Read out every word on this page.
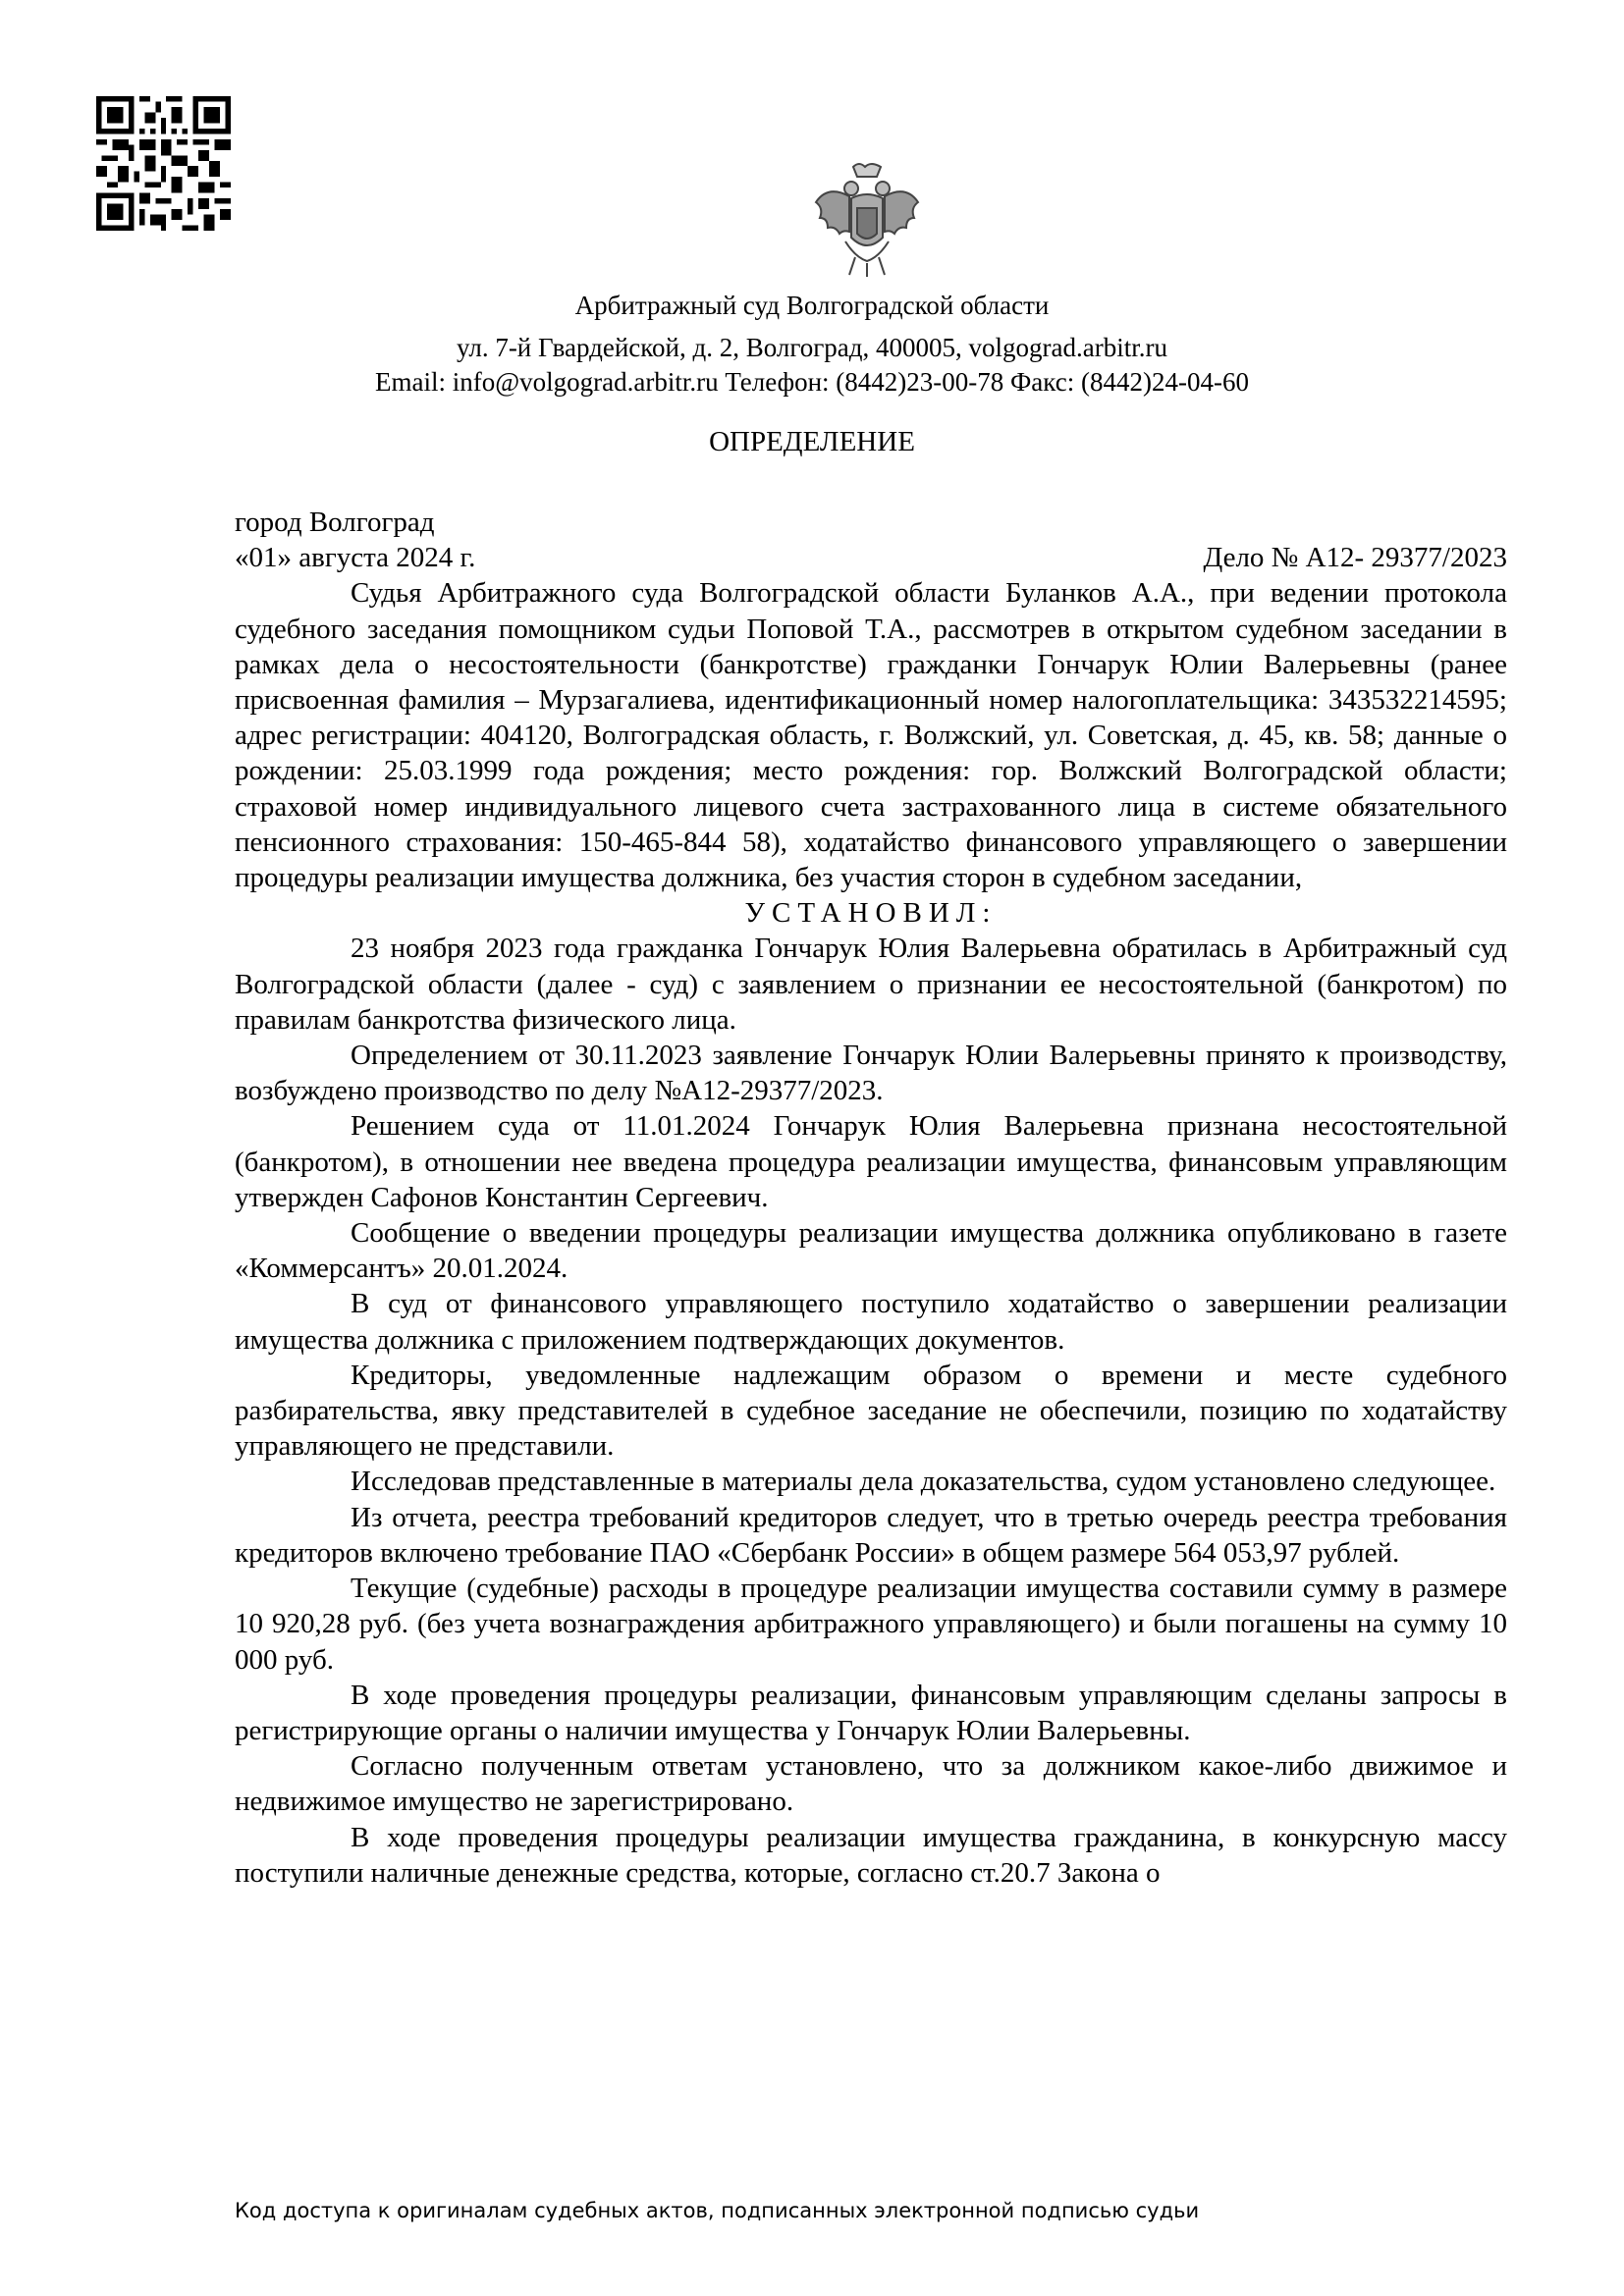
Арбитражный суд Волгоградской области
ул. 7-й Гвардейской, д. 2, Волгоград, 400005, volgograd.arbitr.ru
Email: info@volgograd.arbitr.ru Телефон: (8442)23-00-78 Факс: (8442)24-04-60
ОПРЕДЕЛЕНИЕ
город Волгоград
«01» августа 2024 г.	Дело № А12- 29377/2023

Судья Арбитражного суда Волгоградской области Буланков А.А., при ведении протокола судебного заседания помощником судьи Поповой Т.А., рассмотрев в открытом судебном заседании в рамках дела о несостоятельности (банкротстве) гражданки Гончарук Юлии Валерьевны (ранее присвоенная фамилия – Мурзагалиева, идентификационный номер налогоплательщика: 343532214595; адрес регистрации: 404120, Волгоградская область, г. Волжский, ул. Советская, д. 45, кв. 58; данные о рождении: 25.03.1999 года рождения; место рождения: гор. Волжский Волгоградской области; страховой номер индивидуального лицевого счета застрахованного лица в системе обязательного пенсионного страхования: 150-465-844 58), ходатайство финансового управляющего о завершении процедуры реализации имущества должника, без участия сторон в судебном заседании,

УСТАНОВИЛ:

23 ноября 2023 года гражданка Гончарук Юлия Валерьевна обратилась в Арбитражный суд Волгоградской области (далее - суд) с заявлением о признании ее несостоятельной (банкротом) по правилам банкротства физического лица.

Определением от 30.11.2023 заявление Гончарук Юлии Валерьевны принято к производству, возбуждено производство по делу №А12-29377/2023.

Решением суда от 11.01.2024 Гончарук Юлия Валерьевна признана несостоятельной (банкротом), в отношении нее введена процедура реализации имущества, финансовым управляющим утвержден Сафонов Константин Сергеевич.

Сообщение о введении процедуры реализации имущества должника опубликовано в газете «Коммерсантъ» 20.01.2024.

В суд от финансового управляющего поступило ходатайство о завершении реализации имущества должника с приложением подтверждающих документов.

Кредиторы, уведомленные надлежащим образом о времени и месте судебного разбирательства, явку представителей в судебное заседание не обеспечили, позицию по ходатайству управляющего не представили.

Исследовав представленные в материалы дела доказательства, судом установлено следующее.

Из отчета, реестра требований кредиторов следует, что в третью очередь реестра требования кредиторов включено требование ПАО «Сбербанк России» в общем размере 564 053,97 рублей.

Текущие (судебные) расходы в процедуре реализации имущества составили сумму в размере 10 920,28 руб. (без учета вознаграждения арбитражного управляющего) и были погашены на сумму 10 000 руб.

В ходе проведения процедуры реализации, финансовым управляющим сделаны запросы в регистрирующие органы о наличии имущества у Гончарук Юлии Валерьевны.

Согласно полученным ответам установлено, что за должником какое-либо движимое и недвижимое имущество не зарегистрировано.

В ходе проведения процедуры реализации имущества гражданина, в конкурсную массу поступили наличные денежные средства, которые, согласно ст.20.7 Закона о

Код доступа к оригиналам судебных актов, подписанных электронной подписью судьи
